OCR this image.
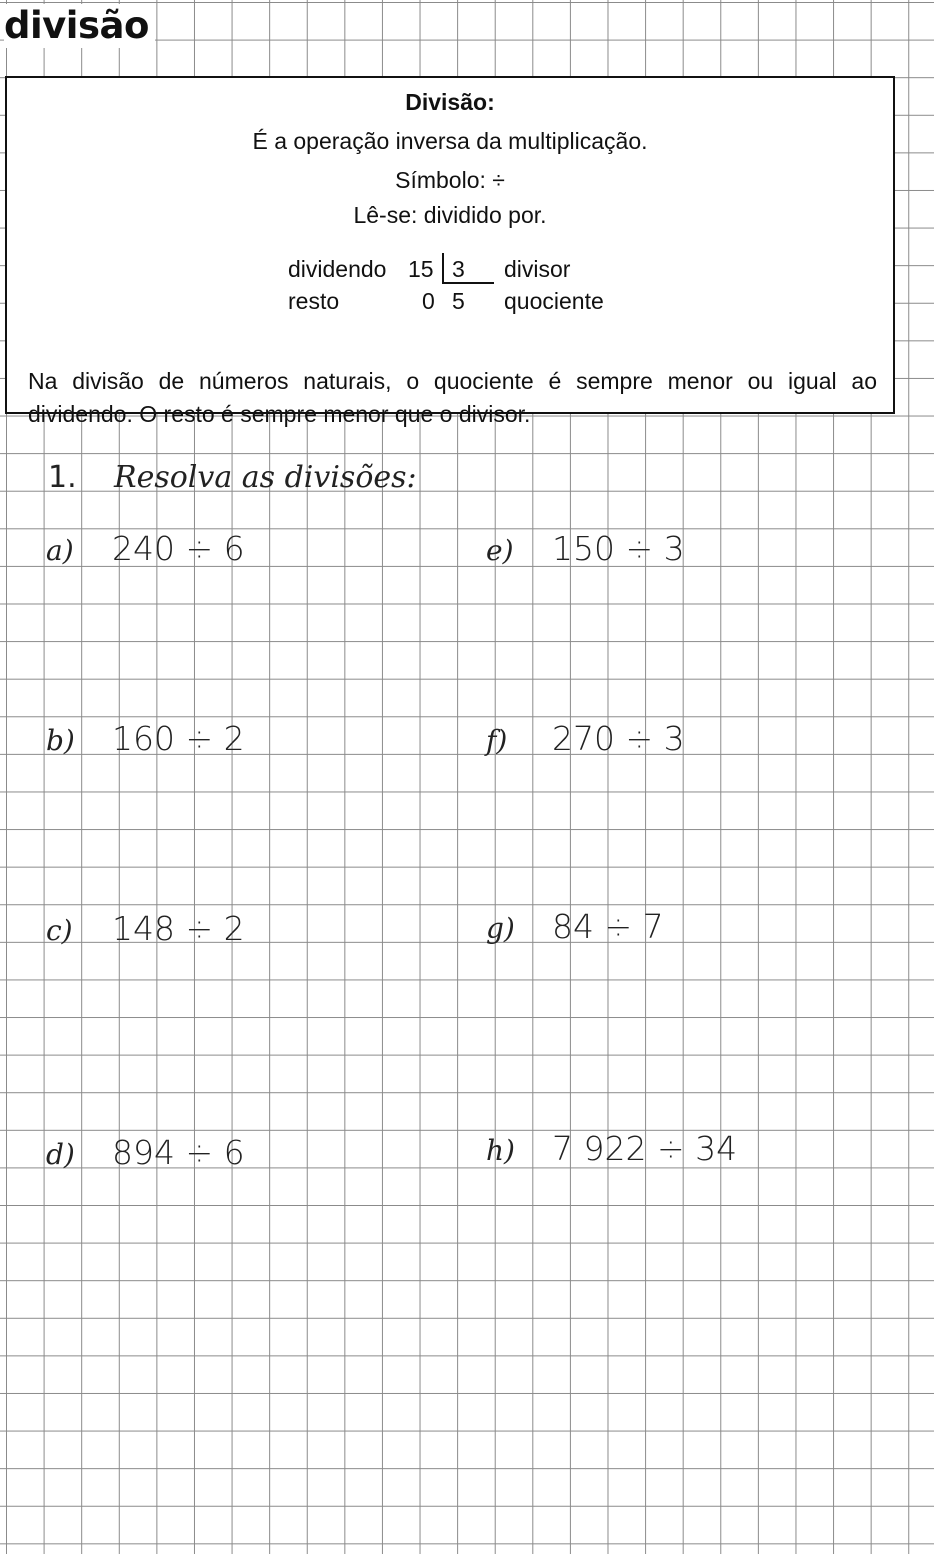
divisão
Divisão:
É a operação inversa da multiplicação.
Símbolo: ÷
Lê-se: dividido por.
dividendo 15 3 divisor
resto	0 5 quociente

Na divisão de números naturais, o quociente é sempre menor ou igual ao dividendo. O resto é sempre menor que o divisor.

1. Resolva as divisões:
a) 240 ÷ 6
b) 160 ÷ 2
c) 148 ÷ 2
d) 894 ÷ 6
e) 150 ÷ 3
f) 270 ÷ 3
g) 84 ÷ 7
h) 7 922 ÷ 34
